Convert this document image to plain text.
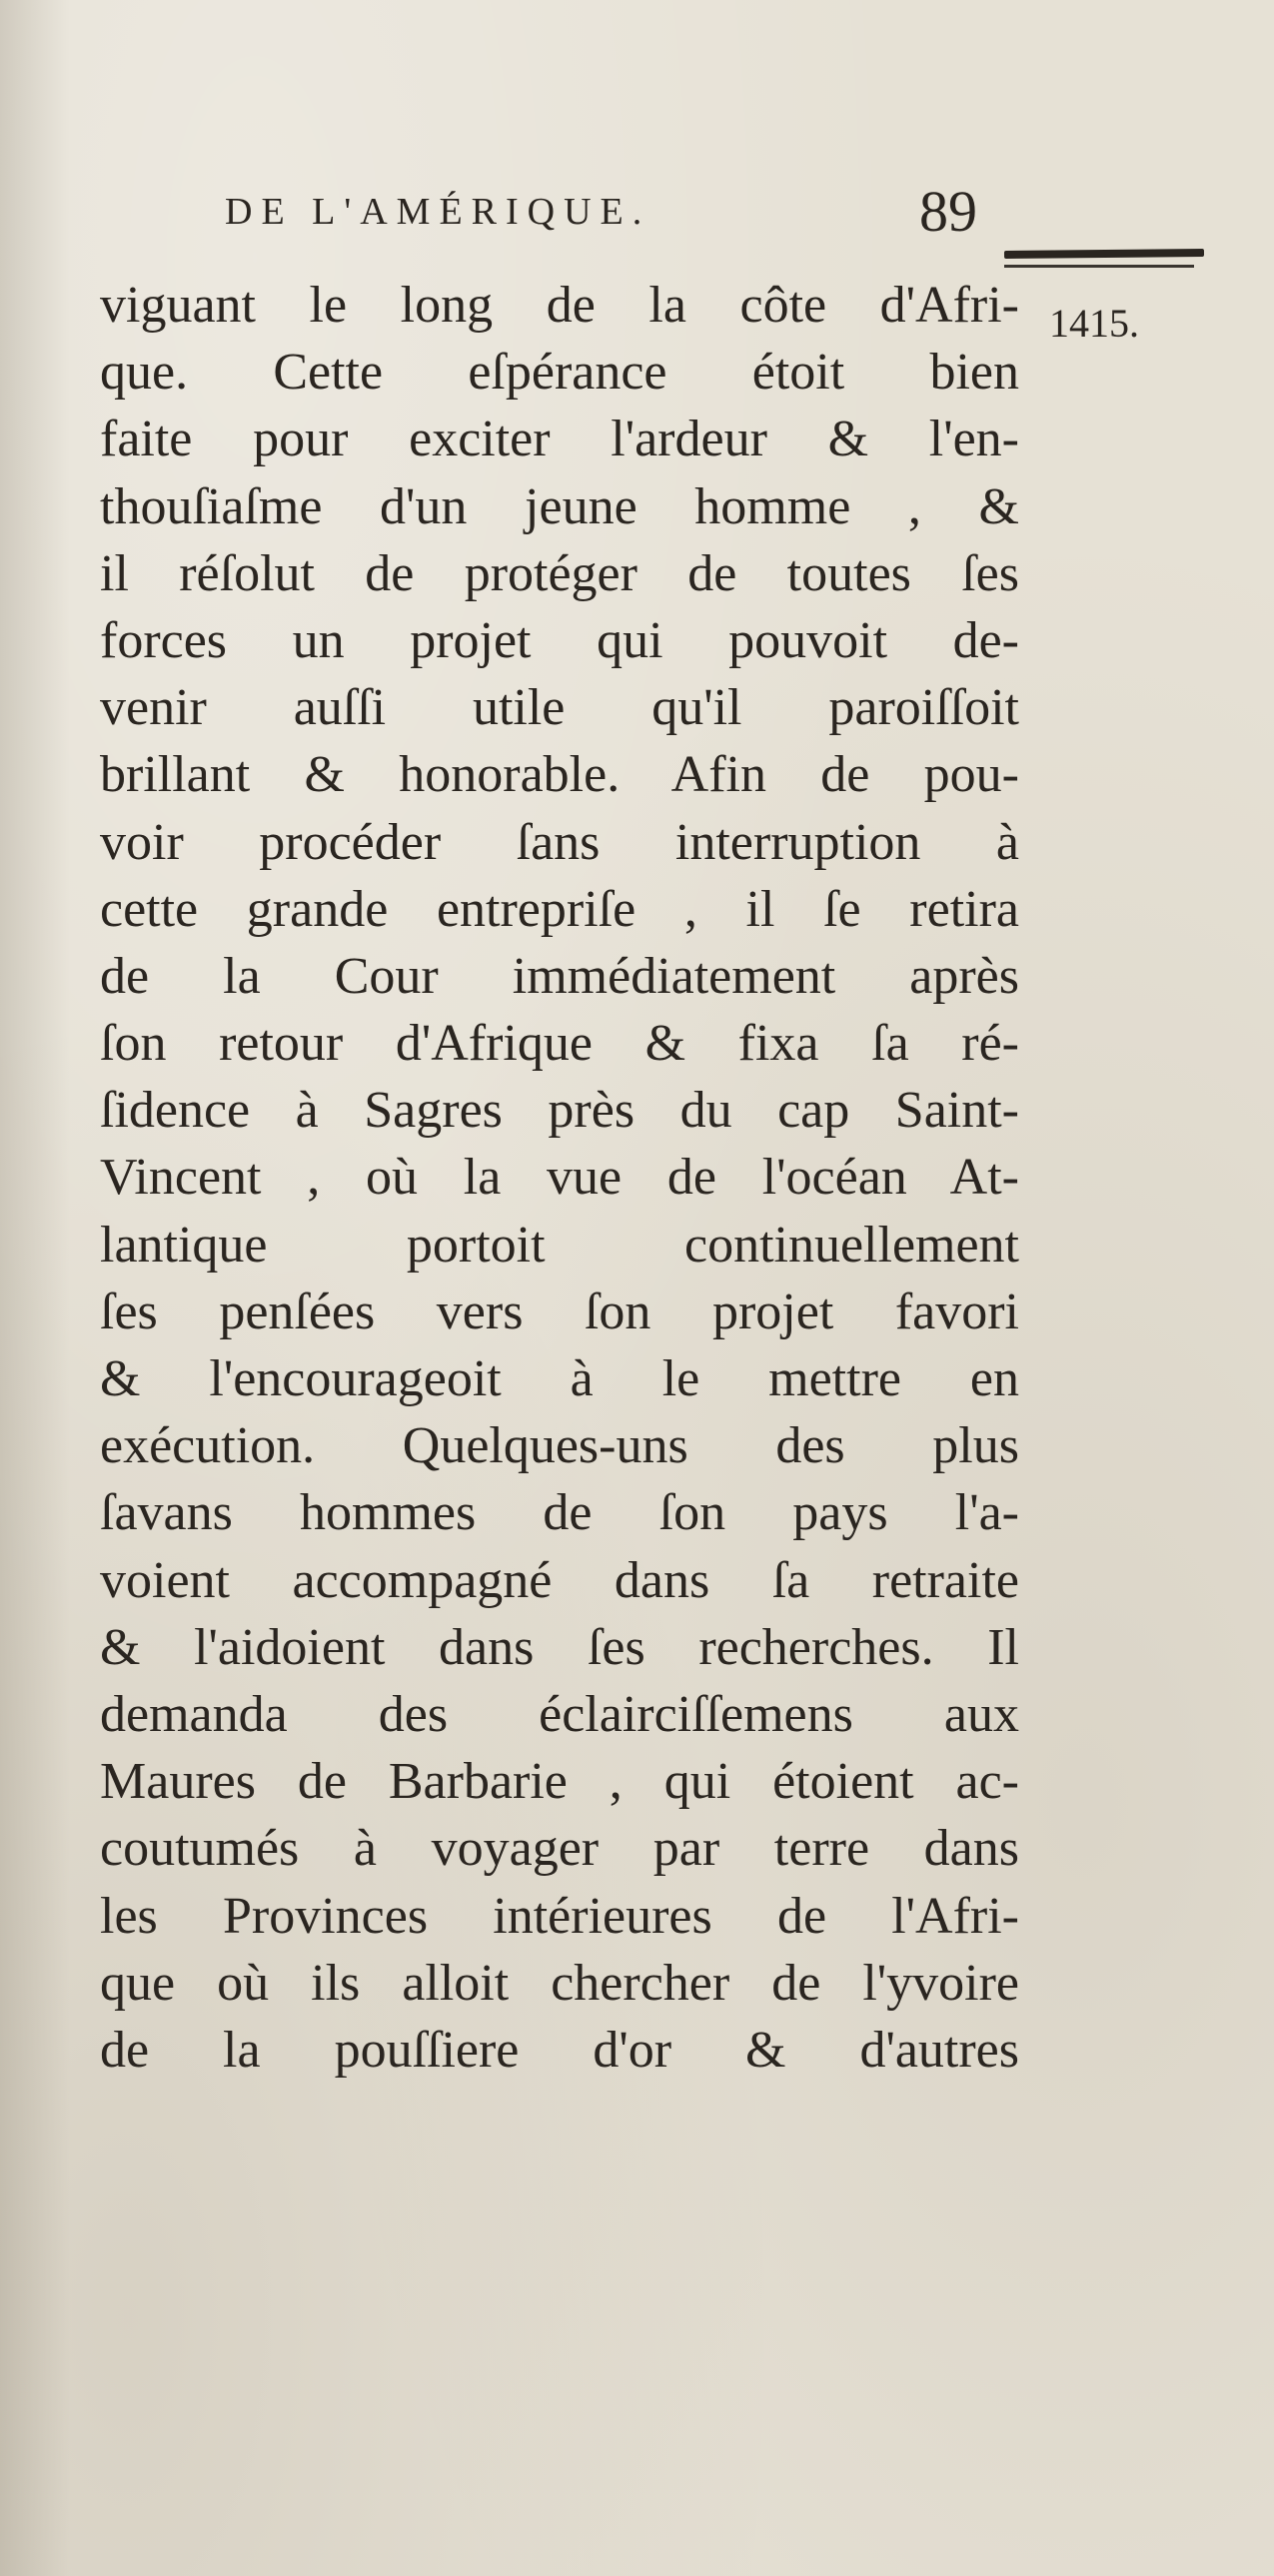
DE L'AMÉRIQUE.	89
1415.
viguant le long de la côte d'Afri-
que. Cette eſpérance étoit bien
faite pour exciter l'ardeur & l'en-
thouſiaſme d'un jeune homme , &
il réſolut de protéger de toutes ſes
forces un projet qui pouvoit de-
venir auſſi utile qu'il paroiſſoit
brillant & honorable. Afin de pou-
voir procéder ſans interruption à
cette grande entrepriſe , il ſe retira
de la Cour immédiatement après
ſon retour d'Afrique & fixa ſa ré-
ſidence à Sagres près du cap Saint-
Vincent , où la vue de l'océan At-
lantique portoit continuellement
ſes penſées vers ſon projet favori
& l'encourageoit à le mettre en
exécution. Quelques-uns des plus
ſavans hommes de ſon pays l'a-
voient accompagné dans ſa retraite
& l'aidoient dans ſes recherches. Il
demanda des éclairciſſemens aux
Maures de Barbarie , qui étoient ac-
coutumés à voyager par terre dans
les Provinces intérieures de l'Afri-
que où ils alloit chercher de l'yvoire
de la pouſſiere d'or & d'autres
